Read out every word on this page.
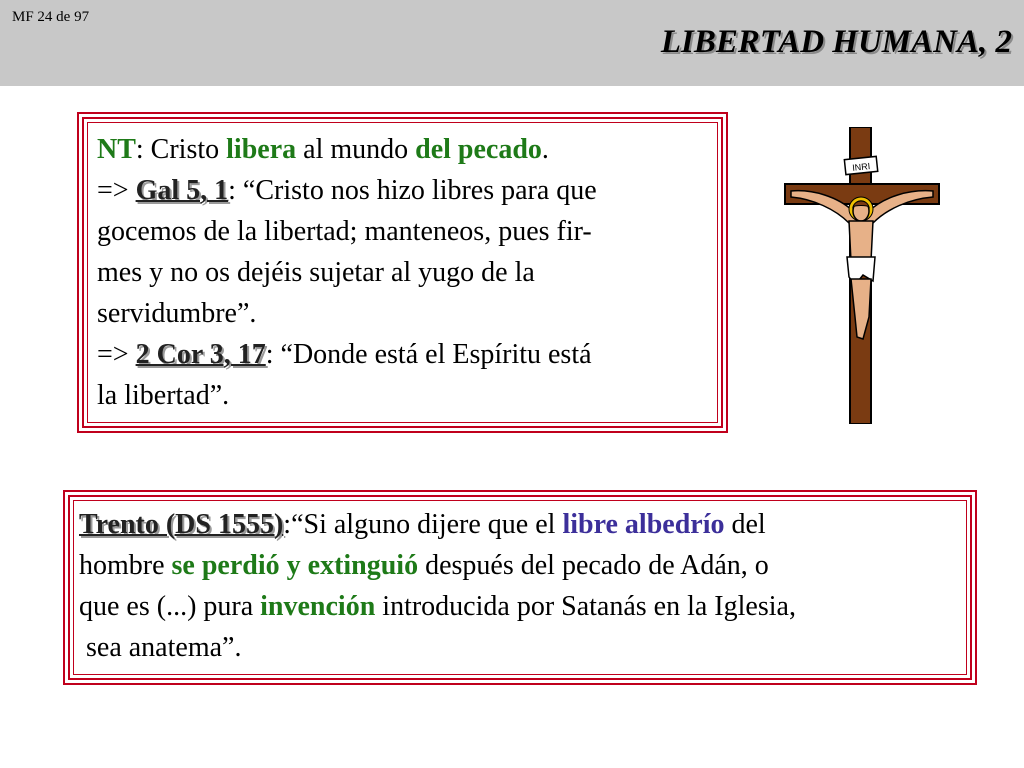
MF 24 de 97
LIBERTAD HUMANA, 2
NT: Cristo libera al mundo del pecado.
=> Gal 5, 1: “Cristo nos hizo libres para que
gocemos de la libertad; manteneos, pues fir-
mes y no os dejéis sujetar al yugo de la
servidumbre”.
=> 2 Cor 3, 17: “Donde está el Espíritu está
la libertad”.
INRI
Trento (DS 1555):“Si alguno dijere que el libre albedrío del
hombre se perdió y extinguió después del pecado de Adán, o
que es (...) pura invención introducida por Satanás en la Iglesia,
sea anatema”.
